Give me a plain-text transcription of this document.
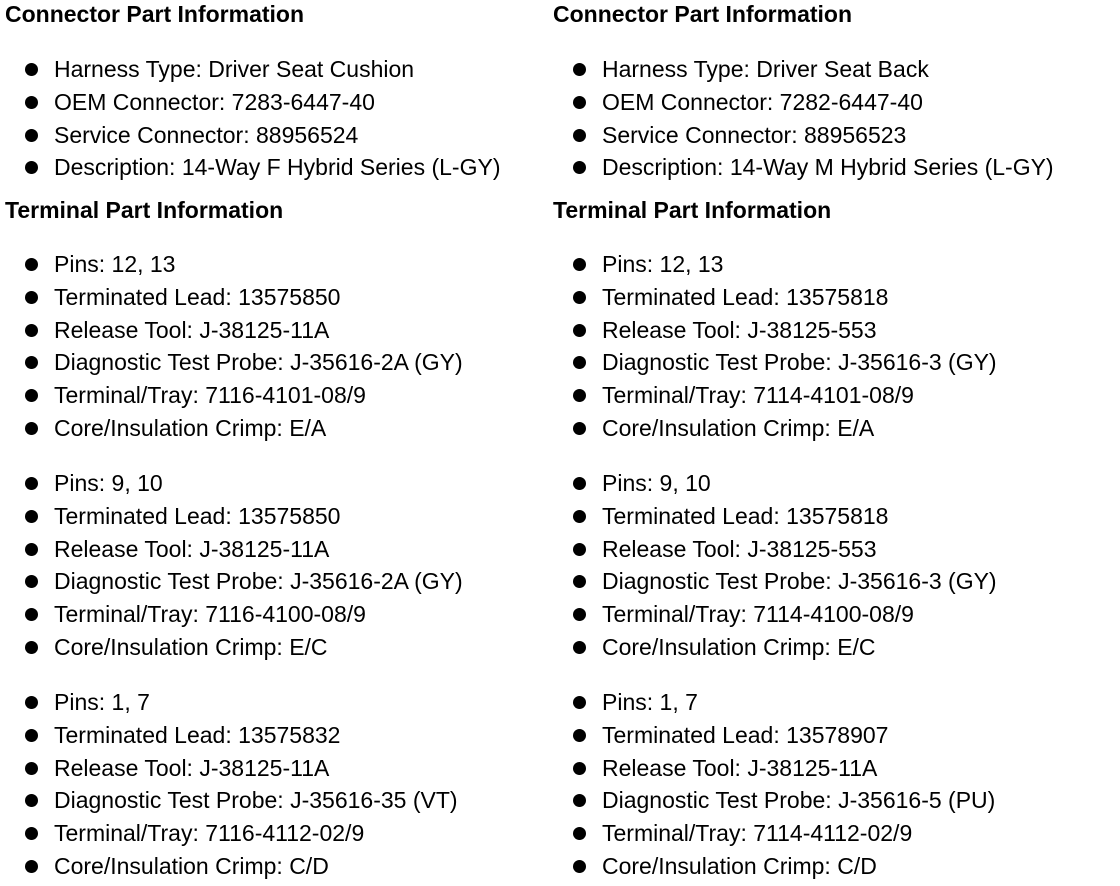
Connector Part Information
Harness Type: Driver Seat Cushion
OEM Connector: 7283-6447-40
Service Connector: 88956524
Description: 14-Way F Hybrid Series (L-GY)
Terminal Part Information
Pins: 12, 13
Terminated Lead: 13575850
Release Tool: J-38125-11A
Diagnostic Test Probe: J-35616-2A (GY)
Terminal/Tray: 7116-4101-08/9
Core/Insulation Crimp: E/A
Pins: 9, 10
Terminated Lead: 13575850
Release Tool: J-38125-11A
Diagnostic Test Probe: J-35616-2A (GY)
Terminal/Tray: 7116-4100-08/9
Core/Insulation Crimp: E/C
Pins: 1, 7
Terminated Lead: 13575832
Release Tool: J-38125-11A
Diagnostic Test Probe: J-35616-35 (VT)
Terminal/Tray: 7116-4112-02/9
Core/Insulation Crimp: C/D
Connector Part Information
Harness Type: Driver Seat Back
OEM Connector: 7282-6447-40
Service Connector: 88956523
Description: 14-Way M Hybrid Series (L-GY)
Terminal Part Information
Pins: 12, 13
Terminated Lead: 13575818
Release Tool: J-38125-553
Diagnostic Test Probe: J-35616-3 (GY)
Terminal/Tray: 7114-4101-08/9
Core/Insulation Crimp: E/A
Pins: 9, 10
Terminated Lead: 13575818
Release Tool: J-38125-553
Diagnostic Test Probe: J-35616-3 (GY)
Terminal/Tray: 7114-4100-08/9
Core/Insulation Crimp: E/C
Pins: 1, 7
Terminated Lead: 13578907
Release Tool: J-38125-11A
Diagnostic Test Probe: J-35616-5 (PU)
Terminal/Tray: 7114-4112-02/9
Core/Insulation Crimp: C/D
